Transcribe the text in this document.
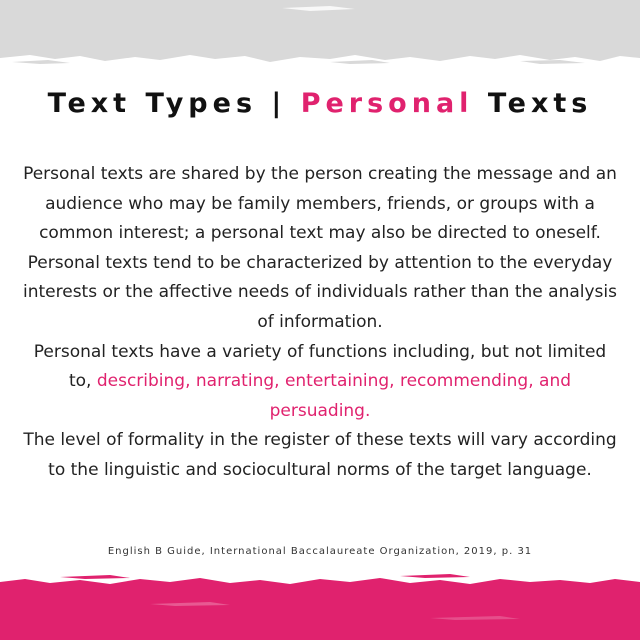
Text Types | Personal Texts

Personal texts are shared by the person creating the message and an audience who may be family members, friends, or groups with a common interest; a personal text may also be directed to oneself.

Personal texts tend to be characterized by attention to the everyday interests or the affective needs of individuals rather than the analysis of information.

Personal texts have a variety of functions including, but not limited to, describing, narrating, entertaining, recommending, and persuading.

The level of formality in the register of these texts will vary according to the linguistic and sociocultural norms of the target language.

English B Guide, International Baccalaureate Organization, 2019, p. 31
